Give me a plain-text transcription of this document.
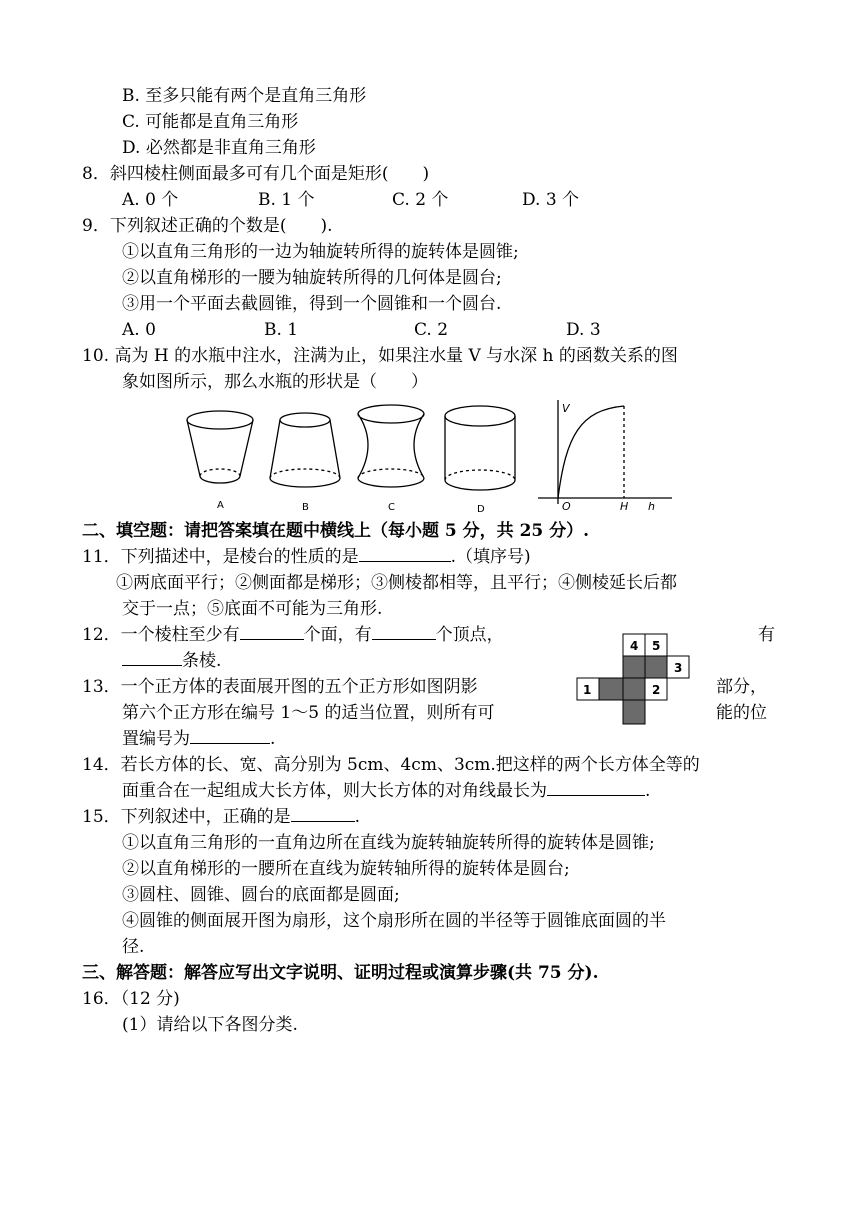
B. 至多只能有两个是直角三角形
C. 可能都是直角三角形
D. 必然都是非直角三角形
8．斜四棱柱侧面最多可有几个面是矩形(　　)
A. 0 个	B. 1 个	C. 2 个	D. 3 个
9．下列叙述正确的个数是(　　).
①以直角三角形的一边为轴旋转所得的旋转体是圆锥;
②以直角梯形的一腰为轴旋转所得的几何体是圆台;
③用一个平面去截圆锥，得到一个圆锥和一个圆台.
A. 0	B. 1	C. 2	D. 3
10. 高为 H 的水瓶中注水，注满为止，如果注水量 V 与水深 h 的函数关系的图
象如图所示，那么水瓶的形状是（　　）
A	B	C	D
V
O	H h
二、填空题：请把答案填在题中横线上（每小题 5 分，共 25 分）.
11．下列描述中，是棱台的性质的是	.（填序号)
①两底面平行；②侧面都是梯形；③侧棱都相等，且平行；④侧棱延长后都
交于一点；⑤底面不可能为三角形.
12．一个棱柱至少有	个面，有	个顶点，	有
条棱.
1	2
3
4 5
13．一个正方体的表面展开图的五个正方形如图阴影	部分，
第六个正方形在编号 1～5 的适当位置，则所有可	能的位
置编号为	.
14．若长方体的长、宽、高分别为 5cm、4cm、3cm.把这样的两个长方体全等的
面重合在一起组成大长方体，则大长方体的对角线最长为	.
15．下列叙述中，正确的是	.
①以直角三角形的一直角边所在直线为旋转轴旋转所得的旋转体是圆锥;
②以直角梯形的一腰所在直线为旋转轴所得的旋转体是圆台;
③圆柱、圆锥、圆台的底面都是圆面;
④圆锥的侧面展开图为扇形，这个扇形所在圆的半径等于圆锥底面圆的半
径.
三、解答题：解答应写出文字说明、证明过程或演算步骤(共 75 分).
16．（12 分)
(1）请给以下各图分类.
